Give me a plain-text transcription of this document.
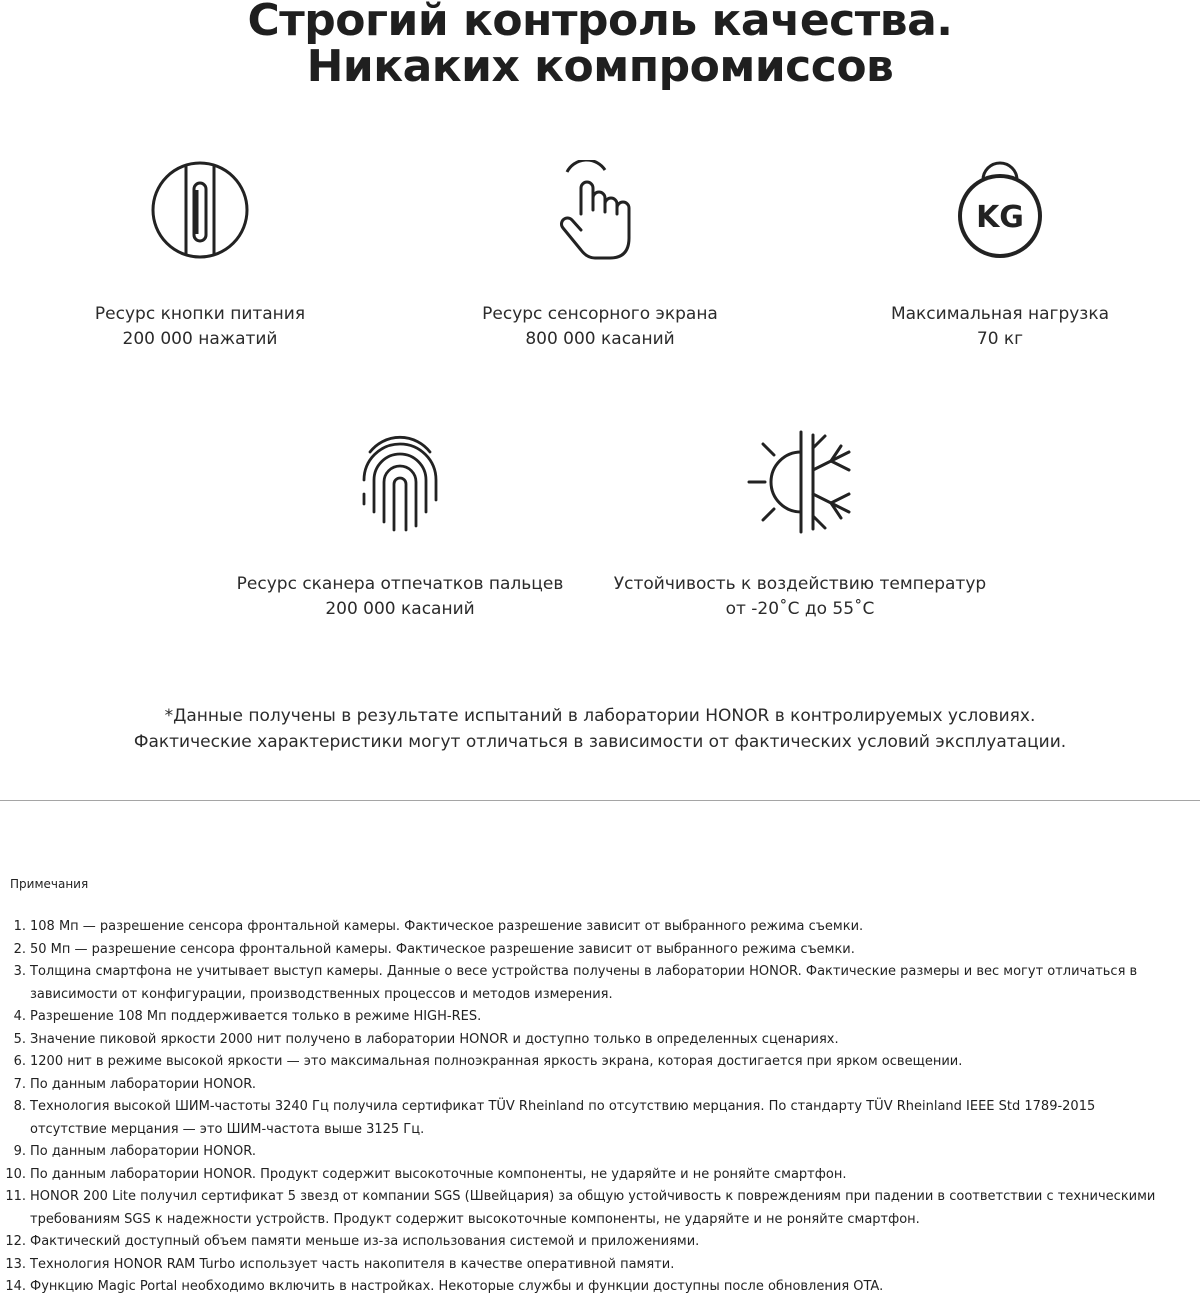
Строгий контроль качества.
Никаких компромиссов
Ресурс кнопки питания
200 000 нажатий
Ресурс сенсорного экрана
800 000 касаний
KG
Максимальная нагрузка
70 кг
Ресурс сканера отпечатков пальцев
200 000 касаний
Устойчивость к воздействию температур
от -20˚С до 55˚С
*Данные получены в результате испытаний в лаборатории HONOR в контролируемых условиях.
Фактические характеристики могут отличаться в зависимости от фактических условий эксплуатации.
Примечания
1. 108 Мп — разрешение сенсора фронтальной камеры. Фактическое разрешение зависит от выбранного режима съемки.
2. 50 Мп — разрешение сенсора фронтальной камеры. Фактическое разрешение зависит от выбранного режима съемки.
3. Толщина смартфона не учитывает выступ камеры. Данные о весе устройства получены в лаборатории HONOR. Фактические размеры и вес могут отличаться в зависимости от конфигурации, производственных процессов и методов измерения.
4. Разрешение 108 Мп поддерживается только в режиме HIGH-RES.
5. Значение пиковой яркости 2000 нит получено в лаборатории HONOR и доступно только в определенных сценариях.
6. 1200 нит в режиме высокой яркости — это максимальная полноэкранная яркость экрана, которая достигается при ярком освещении.
7. По данным лаборатории HONOR.
8. Технология высокой ШИМ-частоты 3240 Гц получила сертификат TÜV Rheinland по отсутствию мерцания. По стандарту TÜV Rheinland IEEE Std 1789-2015 отсутствие мерцания — это ШИМ-частота выше 3125 Гц.
9. По данным лаборатории HONOR.
10. По данным лаборатории HONOR. Продукт содержит высокоточные компоненты, не ударяйте и не роняйте смартфон.
11. HONOR 200 Lite получил сертификат 5 звезд от компании SGS (Швейцария) за общую устойчивость к повреждениям при падении в соответствии с техническими требованиям SGS к надежности устройств. Продукт содержит высокоточные компоненты, не ударяйте и не роняйте смартфон.
12. Фактический доступный объем памяти меньше из-за использования системой и приложениями.
13. Технология HONOR RAM Turbo использует часть накопителя в качестве оперативной памяти.
14. Функцию Magic Portal необходимо включить в настройках. Некоторые службы и функции доступны после обновления OTA.
